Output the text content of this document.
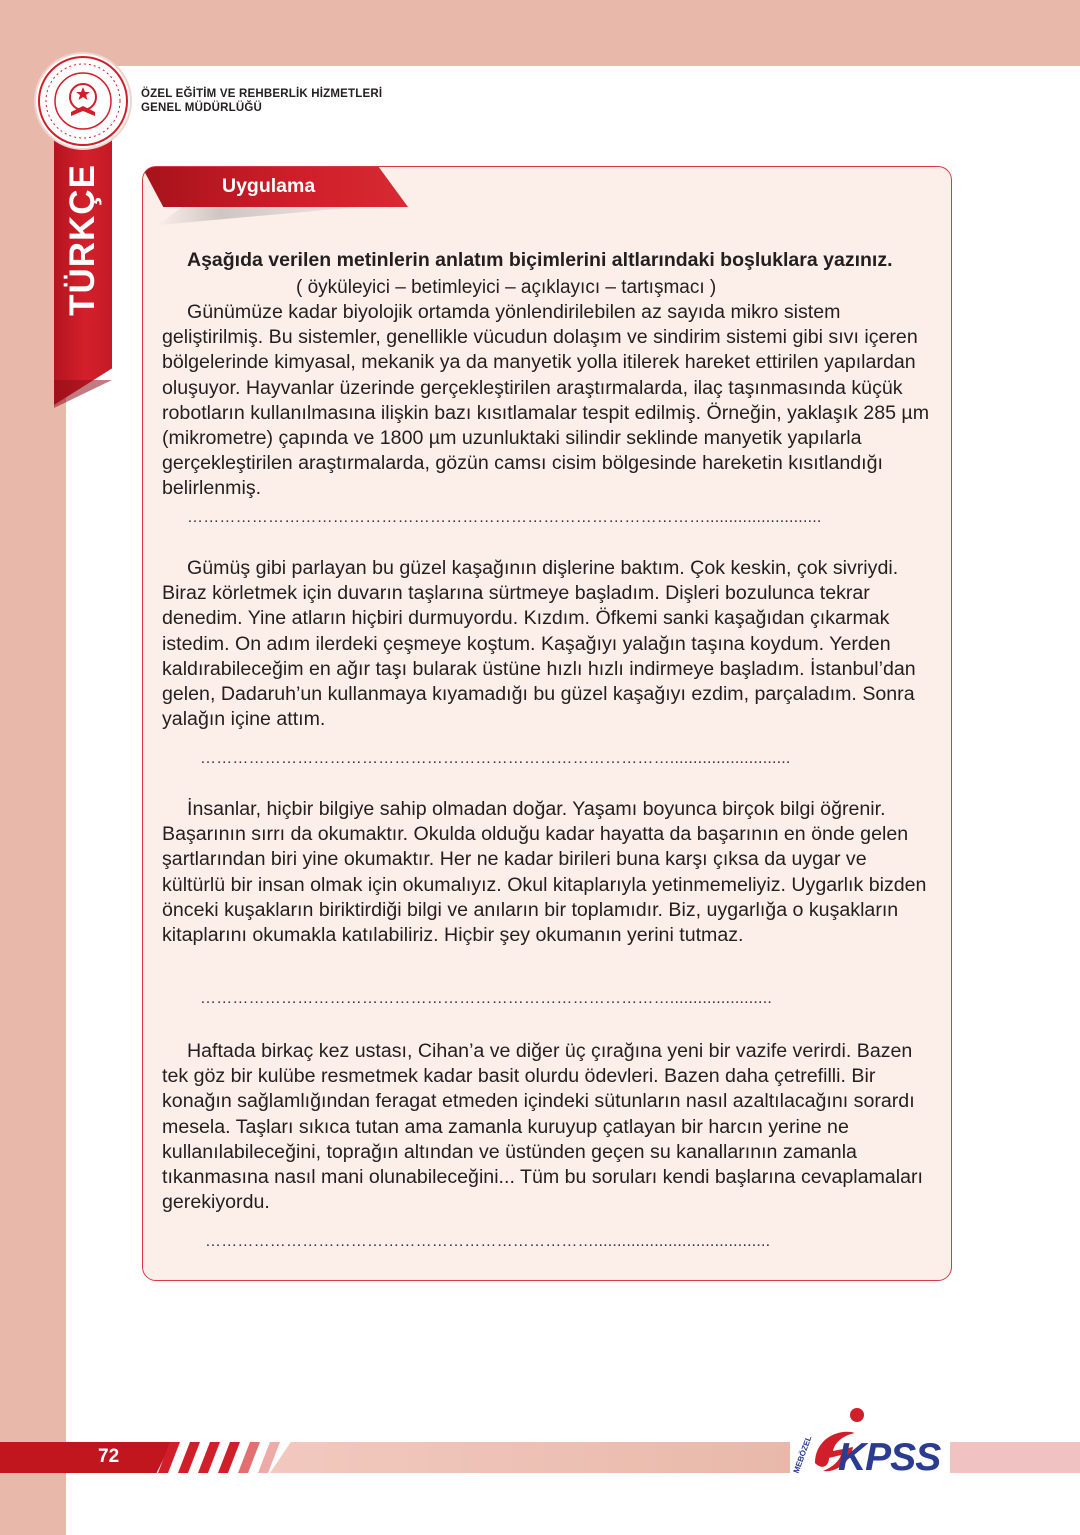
TÜRKÇE
ÖZEL EĞİTİM VE REHBERLİK HİZMETLERİ
GENEL MÜDÜRLÜĞÜ
Uygulama
Aşağıda verilen metinlerin anlatım biçimlerini altlarındaki boşluklara yazınız.
( öyküleyici – betimleyici – açıklayıcı – tartışmacı )

Günümüze kadar biyolojik ortamda yönlendirilebilen az sayıda mikro sistem geliştirilmiş. Bu sistemler, genellikle vücudun dolaşım ve sindirim sistemi gibi sıvı içeren bölgelerinde kimyasal, mekanik ya da manyetik yolla itilerek hareket ettirilen yapılardan oluşuyor. Hayvanlar üzerinde gerçekleştirilen araştırmalarda, ilaç taşınmasında küçük robotların kullanılmasına ilişkin bazı kısıtlamalar tespit edilmiş. Örneğin, yaklaşık 285 µm (mikrometre) çapında ve 1800 µm uzunluktaki silindir seklinde manyetik yapılarla gerçekleştirilen araştırmalarda, gözün camsı cisim bölgesinde hareketin kısıtlandığı belirlenmiş.

…………………………………………………………………………………….........................

Gümüş gibi parlayan bu güzel kaşağının dişlerine baktım. Çok keskin, çok sivriydi. Biraz körletmek için duvarın taşlarına sürtmeye başladım. Dişleri bozulunca tekrar denedim. Yine atların hiçbiri durmuyordu. Kızdım. Öfkemi sanki kaşağıdan çıkarmak istedim. On adım ilerdeki çeşmeye koştum. Kaşağıyı yalağın taşına koydum. Yerden kaldırabileceğim en ağır taşı bularak üstüne hızlı hızlı indirmeye başladım. İstanbul’dan gelen, Dadaruh’un kullanmaya kıyamadığı bu güzel kaşağıyı ezdim, parçaladım. Sonra yalağın içine attım.

……………………………………………………………………………..........................

İnsanlar, hiçbir bilgiye sahip olmadan doğar. Yaşamı boyunca birçok bilgi öğrenir. Başarının sırrı da okumaktır. Okulda olduğu kadar hayatta da başarının en önde gelen şartlarından biri yine okumaktır. Her ne kadar birileri buna karşı çıksa da uygar ve kültürlü bir insan olmak için okumalıyız. Okul kitaplarıyla yetinmemeliyiz. Uygarlık bizden önceki kuşakların biriktirdiği bilgi ve anıların bir toplamıdır. Biz, uygarlığa o kuşakların kitaplarını okumakla katılabiliriz. Hiçbir şey okumanın yerini tutmaz.

……………………………………………………………………………......................

Haftada birkaç kez ustası, Cihan’a ve diğer üç çırağına yeni bir vazife verirdi. Bazen tek göz bir kulübe resmetmek kadar basit olurdu ödevleri. Bazen daha çetrefilli. Bir konağın sağlamlığından feragat etmeden içindeki sütunların nasıl azaltılacağını sorardı mesela. Taşları sıkıca tutan ama zamanla kuruyup çatlayan bir harcın yerine ne kullanılabileceğini, toprağın altından ve üstünden geçen su kanallarının zamanla tıkanmasına nasıl mani olunabileceğini... Tüm bu soruları kendi başlarına cevaplamaları gerekiyordu.

………………………………………………………………......................................
72	MEBÖZEL KPSS
